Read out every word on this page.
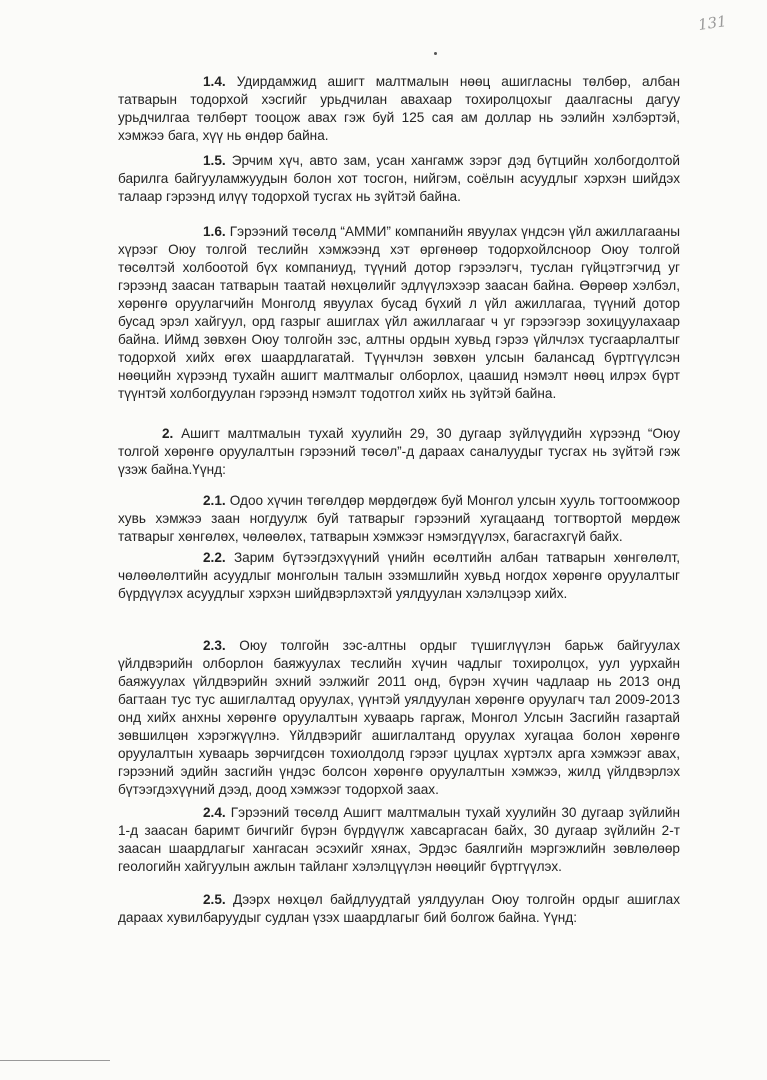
131

1.4. Удирдамжид ашигт малтмалын нөөц ашигласны төлбөр, албан татварын тодорхой хэсгийг урьдчилан авахаар тохиролцохыг даалгасны дагуу урьдчилгаа төлбөрт тооцож авах гэж буй 125 сая ам доллар нь ээлийн хэлбэртэй, хэмжээ бага, хүү нь өндөр байна.

1.5. Эрчим хүч, авто зам, усан хангамж зэрэг дэд бүтцийн холбогдолтой барилга байгууламжуудын болон хот тосгон, нийгэм, соёлын асуудлыг хэрхэн шийдэх талаар гэрээнд илүү тодорхой тусгах нь зүйтэй байна.

1.6. Гэрээний төсөлд “АММИ” компанийн явуулах үндсэн үйл ажиллагааны хүрээг Оюу толгой теслийн хэмжээнд хэт өргөнөөр тодорхойлсноор Оюу толгой төсөлтэй холбоотой бүх компаниуд, түүний дотор гэрээлэгч, туслан гүйцэтгэгчид уг гэрээнд заасан татварын таатай нөхцөлийг эдлүүлэхээр заасан байна. Өөрөөр хэлбэл, хөрөнгө оруулагчийн Монголд явуулах бусад бүхий л үйл ажиллагаа, түүний дотор бусад эрэл хайгуул, орд газрыг ашиглах үйл ажиллагааг ч уг гэрээгээр зохицуулахаар байна. Иймд зөвхөн Оюу толгойн зэс, алтны ордын хувьд гэрээ үйлчлэх тусгаарлалтыг тодорхой хийх өгөх шаардлагатай. Түүнчлэн зөвхөн улсын балансад бүртгүүлсэн нөөцийн хүрээнд тухайн ашигт малтмалыг олборлох, цаашид нэмэлт нөөц илрэх бүрт түүнтэй холбогдуулан гэрээнд нэмэлт тодотгол хийх нь зүйтэй байна.

2. Ашигт малтмалын тухай хуулийн 29, 30 дугаар зүйлүүдийн хүрээнд “Оюу толгой хөрөнгө оруулалтын гэрээний төсөл”-д дараах саналуудыг тусгах нь зүйтэй гэж үзэж байна.Үүнд:

2.1. Одоо хүчин төгөлдөр мөрдөгдөж буй Монгол улсын хууль тогтоомжоор хувь хэмжээ заан ногдуулж буй татварыг гэрээний хугацаанд тогтвортой мөрдөж татварыг хөнгөлөх, чөлөөлөх, татварын хэмжээг нэмэгдүүлэх, багасгахгүй байх.

2.2. Зарим бүтээгдэхүүний үнийн өсөлтийн албан татварын хөнгөлөлт, чөлөөлөлтийн асуудлыг монголын талын эзэмшлийн хувьд ногдох хөрөнгө оруулалтыг бүрдүүлэх асуудлыг хэрхэн шийдвэрлэхтэй уялдуулан хэлэлцээр хийх.

2.3. Оюу толгойн зэс-алтны ордыг түшиглүүлэн барьж байгуулах үйлдвэрийн олборлон баяжуулах теслийн хүчин чадлыг тохиролцох, уул уурхайн баяжуулах үйлдвэрийн эхний ээлжийг 2011 онд, бүрэн хүчин чадлаар нь 2013 онд багтаан тус тус ашиглалтад оруулах, үүнтэй уялдуулан хөрөнгө оруулагч тал 2009-2013 онд хийх анхны хөрөнгө оруулалтын хуваарь гаргаж, Монгол Улсын Засгийн газартай зөвшилцөн хэрэгжүүлнэ. Үйлдвэрийг ашиглалтанд оруулах хугацаа болон хөрөнгө оруулалтын хуваарь зөрчигдсөн тохиолдолд гэрээг цуцлах хүртэлх арга хэмжээг авах, гэрээний эдийн засгийн үндэс болсон хөрөнгө оруулалтын хэмжээ, жилд үйлдвэрлэх бүтээгдэхүүний дээд, доод хэмжээг тодорхой заах.

2.4. Гэрээний төсөлд Ашигт малтмалын тухай хуулийн 30 дугаар зүйлийн 1-д заасан баримт бичгийг бүрэн бүрдүүлж хавсаргасан байх, 30 дугаар зүйлийн 2-т заасан шаардлагыг хангасан эсэхийг хянах, Эрдэс баялгийн мэргэжлийн зөвлөлөөр геологийн хайгуулын ажлын тайланг хэлэлцүүлэн нөөцийг бүртгүүлэх.

2.5. Дээрх нөхцөл байдлуудтай уялдуулан Оюу толгойн ордыг ашиглах дараах хувилбаруудыг судлан үзэх шаардлагыг бий болгож байна. Үүнд:
